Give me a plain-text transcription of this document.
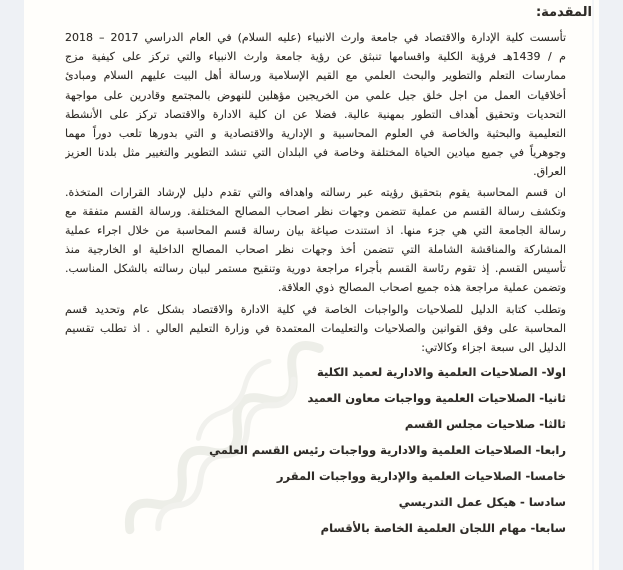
المقدمة:
تأسست كلية الإدارة والاقتصاد في جامعة وارث الانبياء (عليه السلام) في العام الدراسي 2017 – 2018
م / 1439هـ فرؤية الكلية واقسامها تنبثق عن رؤية جامعة وارث الانبياء والتي تركز على كيفية مزج
ممارسات التعلم والتطوير والبحث العلمي مع القيم الإسلامية ورسالة أهل البيت عليهم السلام ومبادئ
أخلاقيات العمل من اجل خلق جيل علمي من الخريجين مؤهلين للنهوض بالمجتمع وقادرين على مواجهة
التحديات وتحقيق أهداف التطور بمهنية عالية. فضلا عن ان كلية الادارة والاقتصاد تركز على الأنشطة
التعليمية والبحثية والخاصة في العلوم المحاسبية و الإدارية والاقتصادية و التي بدورها تلعب دوراً مهما
وجوهرياً في جميع ميادين الحياة المختلفة وخاصة في البلدان التي تنشد التطوير والتغيير مثل بلدنا العزيز
العراق.
ان قسم المحاسبة يقوم بتحقيق رؤيته عبر رسالته واهدافه والتي تقدم دليل لإرشاد القرارات المتخذة.
وتكشف رسالة القسم من عملية تتضمن وجهات نظر اصحاب المصالح المختلفة. ورسالة القسم متفقة مع
رسالة الجامعة التي هي جزء منها. اذ استندت صياغة بيان رسالة قسم المحاسبة من خلال اجراء عملية
المشاركة والمناقشة الشاملة التي تتضمن أخذ وجهات نظر اصحاب المصالح الداخلية او الخارجية منذ
تأسيس القسم. إذ تقوم رئاسة القسم بأجراء مراجعة دورية وتنقيح مستمر لبيان رسالته بالشكل المناسب.
وتضمن عملية مراجعة هذه جميع اصحاب المصالح ذوي العلاقة.
وتطلب كتابة الدليل للصلاحيات والواجبات الخاصة في كلية الادارة والاقتصاد بشكل عام وتحديد قسم
المحاسبة على وفق القوانين والصلاحيات والتعليمات المعتمدة في وزارة التعليم العالي . اذ تطلب تقسيم
الدليل الى سبعة اجزاء وكالاتي:
اولا- الصلاحيات العلمية والادارية لعميد الكلية
ثانيا- الصلاحيات العلمية وواجبات معاون العميد
ثالثا- صلاحيات مجلس القسم
رابعا- الصلاحيات العلمية والادارية وواجبات رئيس القسم العلمي
خامسا- الصلاحيات العلمية والإدارية وواجبات المقرر
سادسا - هيكل عمل التدريسي
سابعا- مهام اللجان العلمية الخاصة بالأقسام
